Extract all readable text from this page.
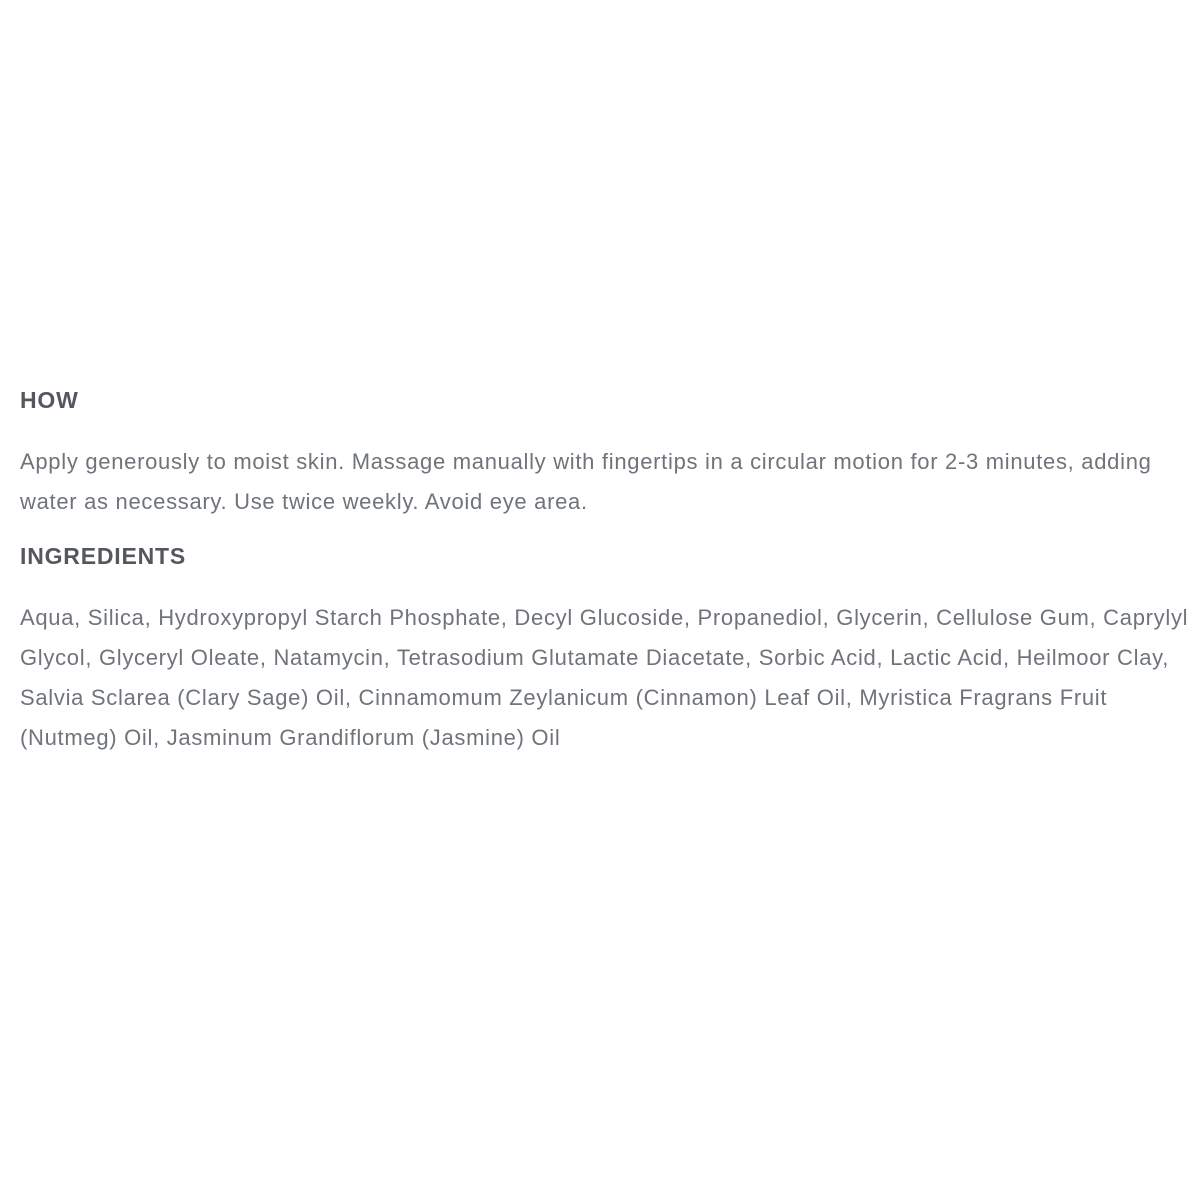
HOW

Apply generously to moist skin. Massage manually with fingertips in a circular motion for 2-3 minutes, adding water as necessary. Use twice weekly. Avoid eye area.

INGREDIENTS

Aqua, Silica, Hydroxypropyl Starch Phosphate, Decyl Glucoside, Propanediol, Glycerin, Cellulose Gum, Caprylyl Glycol, Glyceryl Oleate, Natamycin, Tetrasodium Glutamate Diacetate, Sorbic Acid, Lactic Acid, Heilmoor Clay, Salvia Sclarea (Clary Sage) Oil, Cinnamomum Zeylanicum (Cinnamon) Leaf Oil, Myristica Fragrans Fruit (Nutmeg) Oil, Jasminum Grandiflorum (Jasmine) Oil
